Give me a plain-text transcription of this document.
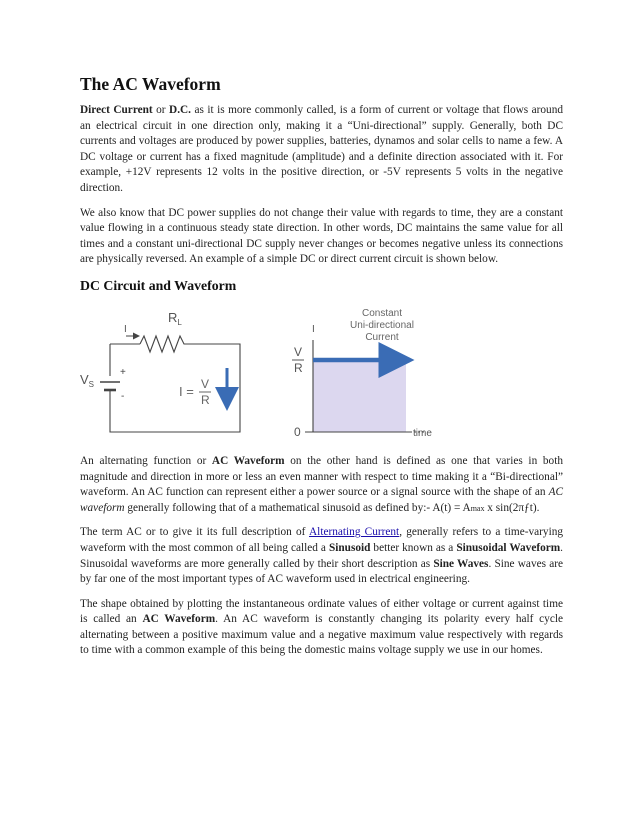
The AC Waveform

Direct Current or D.C. as it is more commonly called, is a form of current or voltage that flows around an electrical circuit in one direction only, making it a “Uni-directional” supply. Generally, both DC currents and voltages are produced by power supplies, batteries, dynamos and solar cells to name a few. A DC voltage or current has a fixed magnitude (amplitude) and a definite direction associated with it. For example, +12V represents 12 volts in the positive direction, or -5V represents 5 volts in the negative direction.

We also know that DC power supplies do not change their value with regards to time, they are a constant value flowing in a continuous steady state direction. In other words, DC maintains the same value for all times and a constant uni-directional DC supply never changes or becomes negative unless its connections are physically reversed. An example of a simple DC or direct current circuit is shown below.

DC Circuit and Waveform
$R_L$
I
$V_S$
+
-	I = V
R
I
V
R
0	time
Constant
Uni-directional
Current

An alternating function or AC Waveform on the other hand is defined as one that varies in both magnitude and direction in more or less an even manner with respect to time making it a “Bi-directional” waveform. An AC function can represent either a power source or a signal source with the shape of an AC waveform generally following that of a mathematical sinusoid as defined by:- A(t) = Amax x sin(2πƒt).

The term AC or to give it its full description of Alternating Current, generally refers to a time-varying waveform with the most common of all being called a Sinusoid better known as a Sinusoidal Waveform. Sinusoidal waveforms are more generally called by their short description as Sine Waves. Sine waves are by far one of the most important types of AC waveform used in electrical engineering.

The shape obtained by plotting the instantaneous ordinate values of either voltage or current against time is called an AC Waveform. An AC waveform is constantly changing its polarity every half cycle alternating between a positive maximum value and a negative maximum value respectively with regards to time with a common example of this being the domestic mains voltage supply we use in our homes.
